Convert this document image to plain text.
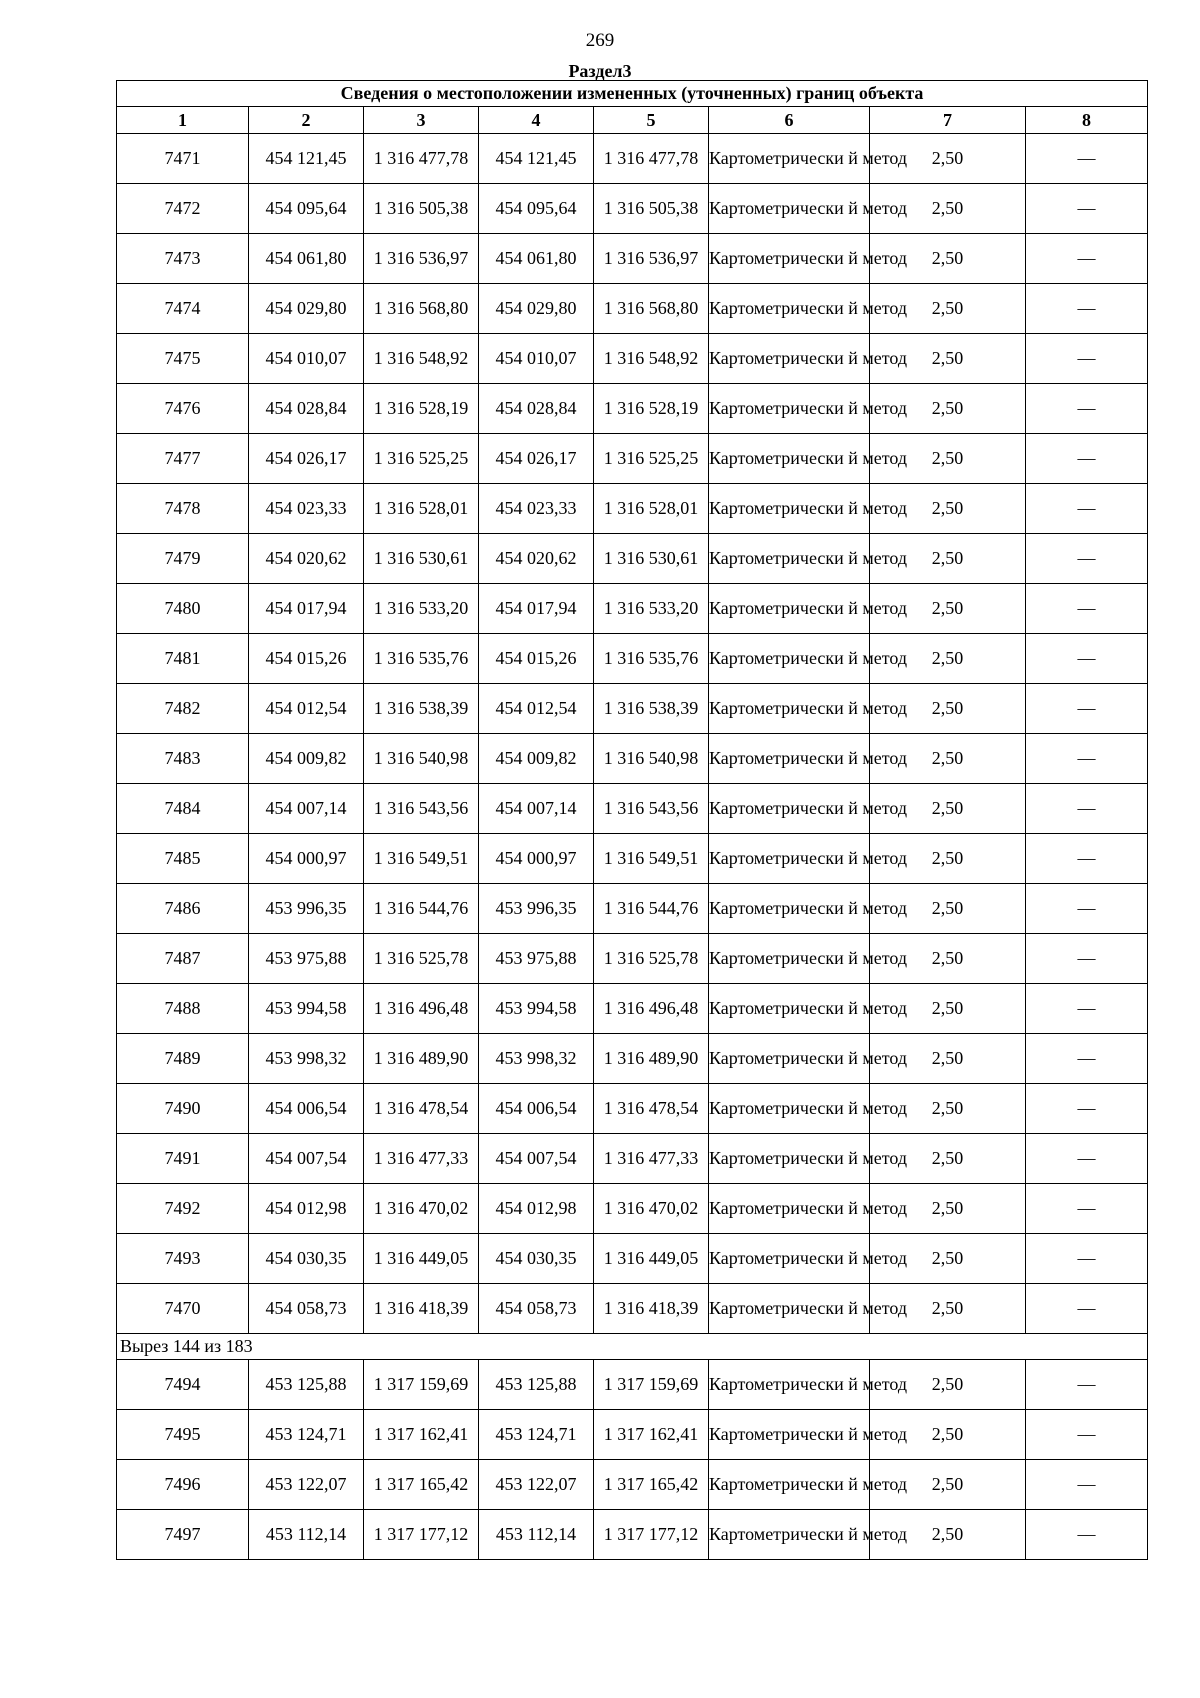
269
Раздел3
Сведения о местоположении измененных (уточненных) границ объекта							
1	2	3	4	5	6	7	8
7471	454 121,45	1 316 477,78	454 121,45	1 316 477,78	Картометрически й метод	2,50	—
7472	454 095,64	1 316 505,38	454 095,64	1 316 505,38	Картометрически й метод	2,50	—
7473	454 061,80	1 316 536,97	454 061,80	1 316 536,97	Картометрически й метод	2,50	—
7474	454 029,80	1 316 568,80	454 029,80	1 316 568,80	Картометрически й метод	2,50	—
7475	454 010,07	1 316 548,92	454 010,07	1 316 548,92	Картометрически й метод	2,50	—
7476	454 028,84	1 316 528,19	454 028,84	1 316 528,19	Картометрически й метод	2,50	—
7477	454 026,17	1 316 525,25	454 026,17	1 316 525,25	Картометрически й метод	2,50	—
7478	454 023,33	1 316 528,01	454 023,33	1 316 528,01	Картометрически й метод	2,50	—
7479	454 020,62	1 316 530,61	454 020,62	1 316 530,61	Картометрически й метод	2,50	—
7480	454 017,94	1 316 533,20	454 017,94	1 316 533,20	Картометрически й метод	2,50	—
7481	454 015,26	1 316 535,76	454 015,26	1 316 535,76	Картометрически й метод	2,50	—
7482	454 012,54	1 316 538,39	454 012,54	1 316 538,39	Картометрически й метод	2,50	—
7483	454 009,82	1 316 540,98	454 009,82	1 316 540,98	Картометрически й метод	2,50	—
7484	454 007,14	1 316 543,56	454 007,14	1 316 543,56	Картометрически й метод	2,50	—
7485	454 000,97	1 316 549,51	454 000,97	1 316 549,51	Картометрически й метод	2,50	—
7486	453 996,35	1 316 544,76	453 996,35	1 316 544,76	Картометрически й метод	2,50	—
7487	453 975,88	1 316 525,78	453 975,88	1 316 525,78	Картометрически й метод	2,50	—
7488	453 994,58	1 316 496,48	453 994,58	1 316 496,48	Картометрически й метод	2,50	—
7489	453 998,32	1 316 489,90	453 998,32	1 316 489,90	Картометрически й метод	2,50	—
7490	454 006,54	1 316 478,54	454 006,54	1 316 478,54	Картометрически й метод	2,50	—
7491	454 007,54	1 316 477,33	454 007,54	1 316 477,33	Картометрически й метод	2,50	—
7492	454 012,98	1 316 470,02	454 012,98	1 316 470,02	Картометрически й метод	2,50	—
7493	454 030,35	1 316 449,05	454 030,35	1 316 449,05	Картометрически й метод	2,50	—
7470	454 058,73	1 316 418,39	454 058,73	1 316 418,39	Картометрически й метод	2,50	—
Вырез 144 из 183							
7494	453 125,88	1 317 159,69	453 125,88	1 317 159,69	Картометрически й метод	2,50	—
7495	453 124,71	1 317 162,41	453 124,71	1 317 162,41	Картометрически й метод	2,50	—
7496	453 122,07	1 317 165,42	453 122,07	1 317 165,42	Картометрически й метод	2,50	—
7497	453 112,14	1 317 177,12	453 112,14	1 317 177,12	Картометрически й метод	2,50	—
